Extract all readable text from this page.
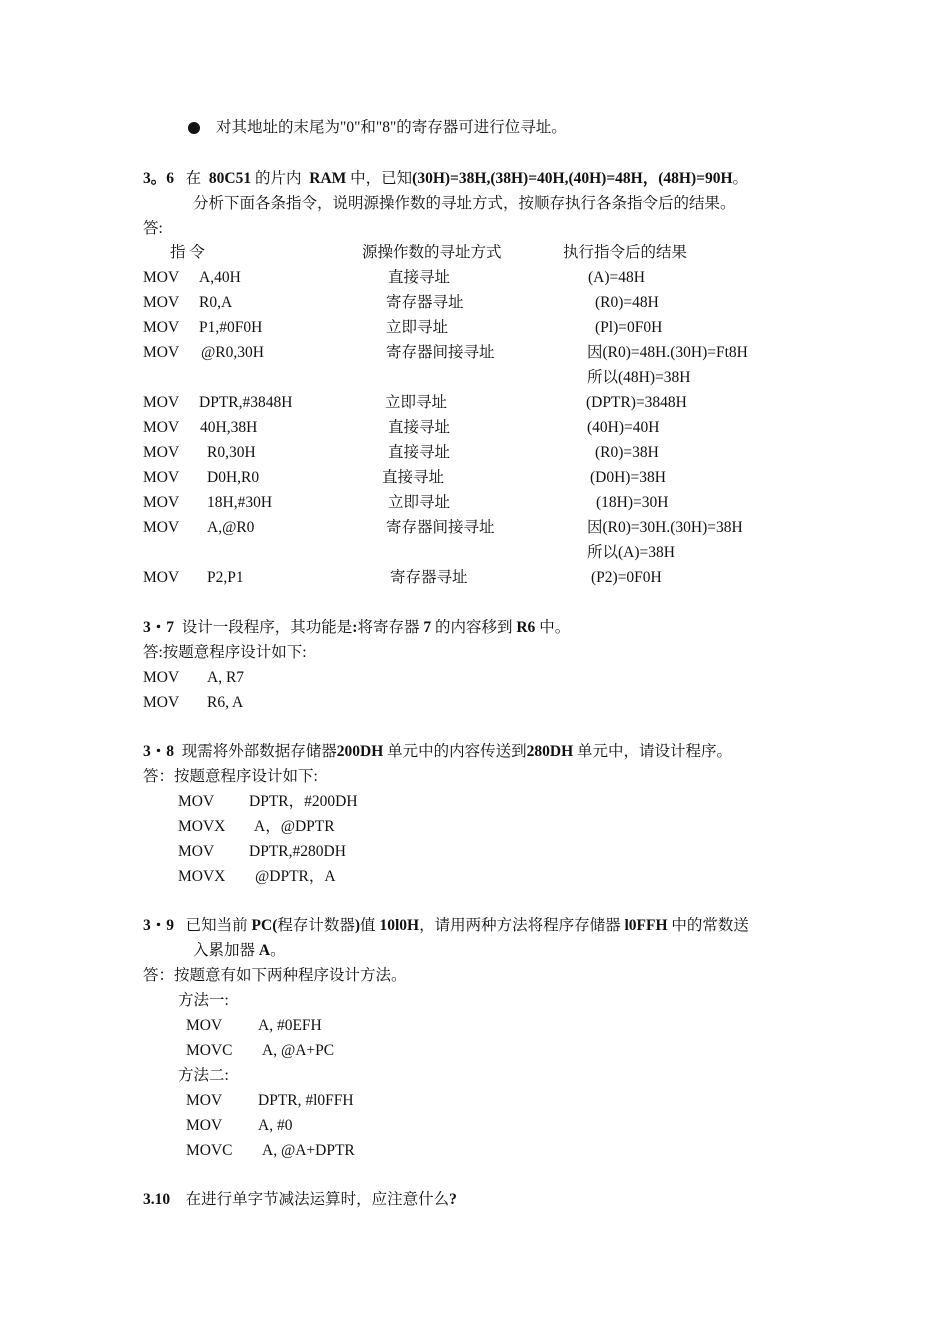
对其地址的末尾为"0"和"8"的寄存器可进行位寻址。
3。6 在 80C51 的片内 RAM 中，已知(30H)=38H,(38H)=40H,(40H)=48H，(48H)=90H。
分析下面各条指令，说明源操作数的寻址方式，按顺存执行各条指令后的结果。
答:
指 令	源操作数的寻址方式	执行指令后的结果
MOV A,40H	直接寻址	(A)=48H
MOV R0,A	寄存器寻址	(R0)=48H
MOV P1,#0F0H	立即寻址	(Pl)=0F0H
MOV @R0,30H	寄存器间接寻址	因(R0)=48H.(30H)=Ft8H
所以(48H)=38H
MOV DPTR,#3848H	立即寻址	(DPTR)=3848H
MOV 40H,38H	直接寻址	(40H)=40H
MOV R0,30H	直接寻址	(R0)=38H
MOV D0H,R0	直接寻址	(D0H)=38H
MOV 18H,#30H	立即寻址	(18H)=30H
MOV A,@R0	寄存器间接寻址	因(R0)=30H.(30H)=38H
所以(A)=38H
MOV P2,P1	寄存器寻址	(P2)=0F0H
3・7 设计一段程序，其功能是:将寄存器 7 的内容移到 R6 中。
答:按题意程序设计如下:
MOV A, R7
MOV R6, A
3・8 现需将外部数据存储器200DH 单元中的内容传送到280DH 单元中，请设计程序。
答：按题意程序设计如下:
MOV DPTR，#200DH
MOVX A，@DPTR
MOV DPTR,#280DH
MOVX @DPTR，A
3・9 已知当前 PC(程存计数器)值 10l0H，请用两种方法将程序存储器 l0FFH 中的常数送
入累加器 A。
答：按题意有如下两种程序设计方法。
方法一:
MOV A, #0EFH
MOVC A, @A+PC
方法二:
MOV DPTR, #l0FFH
MOV A, #0
MOVC A, @A+DPTR
3.10 在进行单字节减法运算时，应注意什么?
